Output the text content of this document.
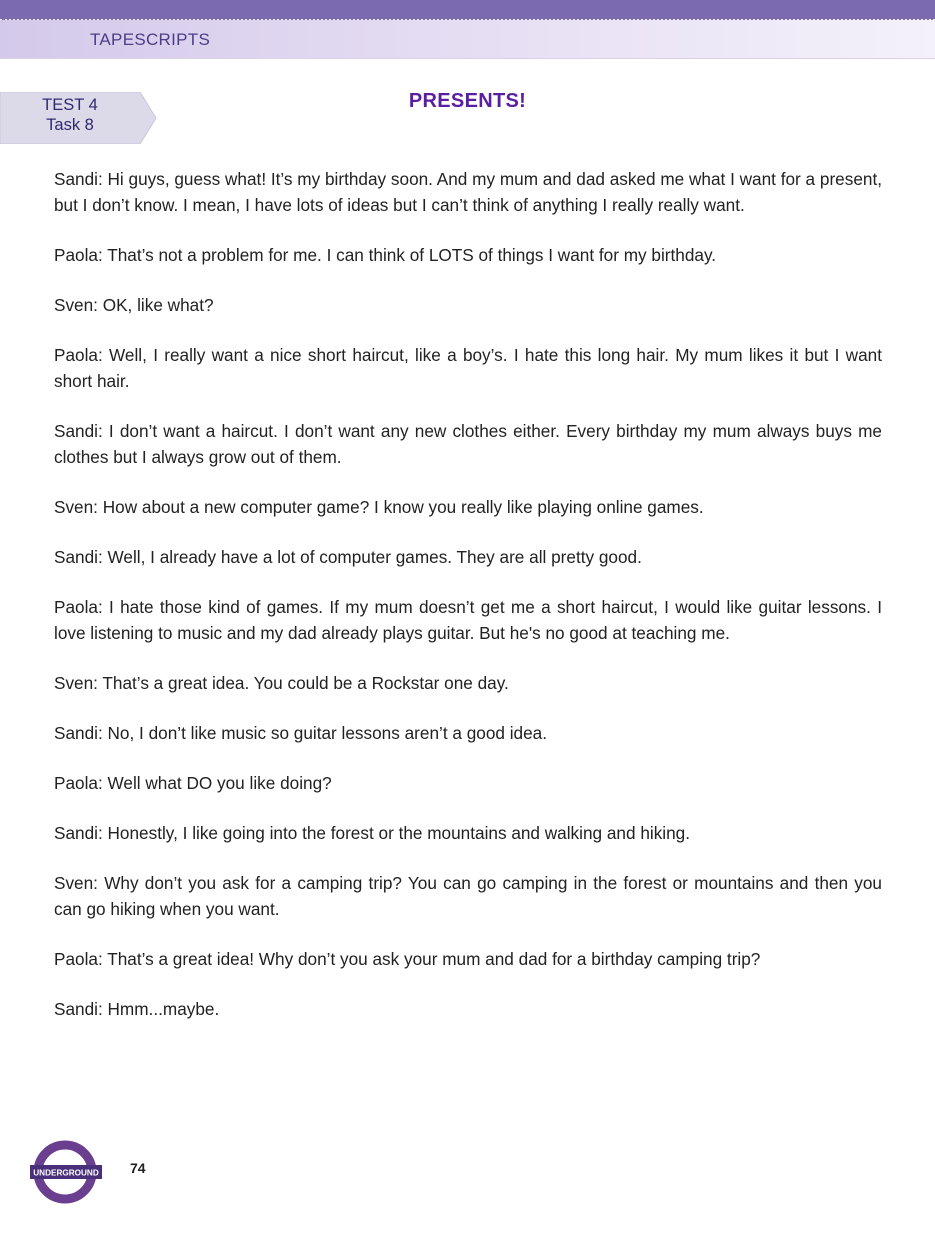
TAPESCRIPTS
TEST 4
Task 8
PRESENTS!

Sandi: Hi guys, guess what! It’s my birthday soon. And my mum and dad asked me what I want for a present, but I don’t know. I mean, I have lots of ideas but I can’t think of anything I really really want.

Paola: That’s not a problem for me. I can think of LOTS of things I want for my birthday.

Sven: OK, like what?

Paola: Well, I really want a nice short haircut, like a boy’s. I hate this long hair. My mum likes it but I want short hair.

Sandi: I don’t want a haircut. I don’t want any new clothes either. Every birthday my mum always buys me clothes but I always grow out of them.

Sven: How about a new computer game? I know you really like playing online games.

Sandi: Well, I already have a lot of computer games. They are all pretty good.

Paola: I hate those kind of games. If my mum doesn’t get me a short haircut, I would like guitar lessons. I love listening to music and my dad already plays guitar. But he's no good at teaching me.

Sven: That’s a great idea. You could be a Rockstar one day.

Sandi: No, I don’t like music so guitar lessons aren’t a good idea.

Paola: Well what DO you like doing?

Sandi: Honestly, I like going into the forest or the mountains and walking and hiking.

Sven: Why don’t you ask for a camping trip? You can go camping in the forest or mountains and then you can go hiking when you want.

Paola: That’s a great idea! Why don’t you ask your mum and dad for a birthday camping trip?

Sandi: Hmm...maybe.

UNDERGROUND 74
